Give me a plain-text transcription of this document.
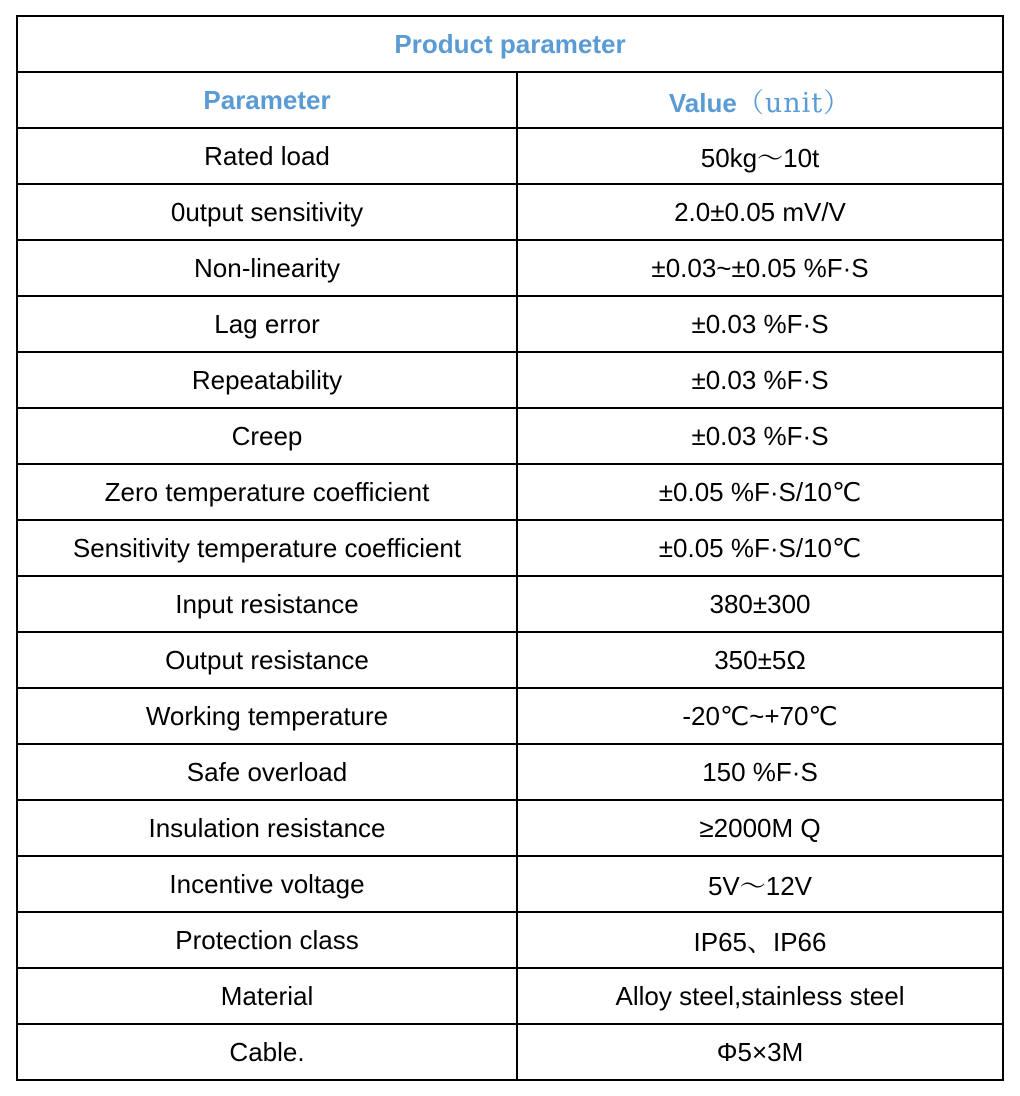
Product parameter	
Parameter	Value（unit）
Rated load	50kg～10t
0utput sensitivity	2.0±0.05 mV/V
Non-linearity	±0.03~±0.05 %F·S
Lag error	±0.03 %F·S
Repeatability	±0.03 %F·S
Creep	±0.03 %F·S
Zero temperature coefficient	±0.05 %F·S/10℃
Sensitivity temperature coefficient	±0.05 %F·S/10℃
Input resistance	380±300
Output resistance	350±5Ω
Working temperature	-20℃~+70℃
Safe overload	150 %F·S
Insulation resistance	≥2000M Q
Incentive voltage	5V～12V
Protection class	IP65、IP66
Material	Alloy steel,stainless steel
Cable.	Φ5×3M
